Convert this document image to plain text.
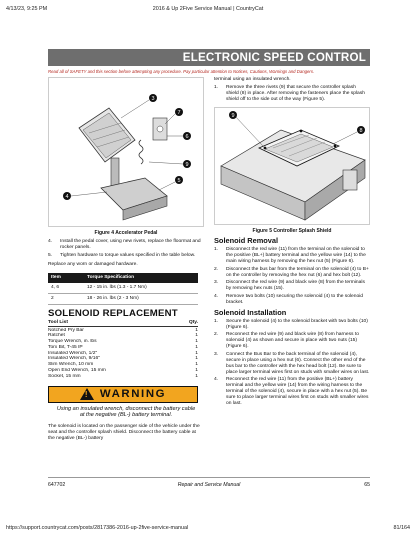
4/13/23, 9:25 PM	2016 & Up 2Five Service Manual | CountryCat
ELECTRONIC SPEED CONTROL
Read all of SAFETY and this section before attempting any procedure. Pay particular attention to Notices, Cautions, Warnings and Dangers.
3
7
6
9
5
4
Figure 4 Accelerator Pedal
4.	Install the pedal cover, using new rivets, replace the floormat and rocker panels.
5.	Tighten hardware to torque values specified in the table below.
Replace any worn or damaged hardware.
Item	Torque Specification
4, 6	12 - 15 in. lbs (1.3 - 1.7 Nm)
2	18 - 26 in. lbs (2 - 3 Nm)
SOLENOID REPLACEMENT
Tool List	Qty.
Notched Pry Bar	1
Ratchet	1
Torque Wrench, in. lbs	1
Torx Bit, T-45 IP	1
Insulated Wrench, 1/2"	1
Insulated Wrench, 9/16"	1
Slim Wrench, 10 mm	1
Open End Wrench, 15 mm	1
Socket, 15 mm	1
! WARNING
Using an insulated wrench, disconnect the battery cable at the negative (BL-) battery terminal.
The solenoid is located on the passenger side of the vehicle under the seat and the controller splash shield. Disconnect the battery cable at the negative (BL-) battery
terminal using an insulated wrench.
1.	Remove the three rivets (9) that secure the controller splash shield (8) in place. After removing the fasteners place the splash shield off to the side out of the way (Figure 5).
9
8
Figure 5 Controller Splash Shield
Solenoid Removal
1.	Disconnect the red wire (11) from the terminal on the solenoid to the positive (BL+) battery terminal and the yellow wire (14) to the main wiring harness by removing the hex nut (5) (Figure 6).
2.	Disconnect the bus bar from the terminal on the solenoid (4) to B+ on the controller by removing the hex nut (6) and hex bolt (12).
3.	Disconnect the red wire (9) and black wire (8) from the terminals by removing hex nuts (15).
4.	Remove two bolts (10) securing the solenoid (4) to the solenoid bracket.
Solenoid Installation
1.	Secure the solenoid (4) to the solenoid bracket with two bolts (10) (Figure 6).
2.	Reconnect the red wire (9) and black wire (8) from harness to solenoid (4) as shown and secure in place with two nuts (15) (Figure 6).
3.	Connect the Bus Bar to the back terminal of the solenoid (4), secure in place using a hex nut (6). Connect the other end of the bus bar to the controller with the hex head bolt (12). Be sure to place larger terminal wires first on studs with smaller wires on last.
4.	Reconnect the red wire (11) from the positive (BL+) battery terminal and the yellow wire (14) from the wiring harness to the terminal of the solenoid (4), secure in place with a hex nut (5). Be sure to place larger terminal wires first on studs with smaller wires on last.
647702	Repair and Service Manual	65
https://support.countrycat.com/posts/2817386-2016-up-2five-service-manual	81/164
